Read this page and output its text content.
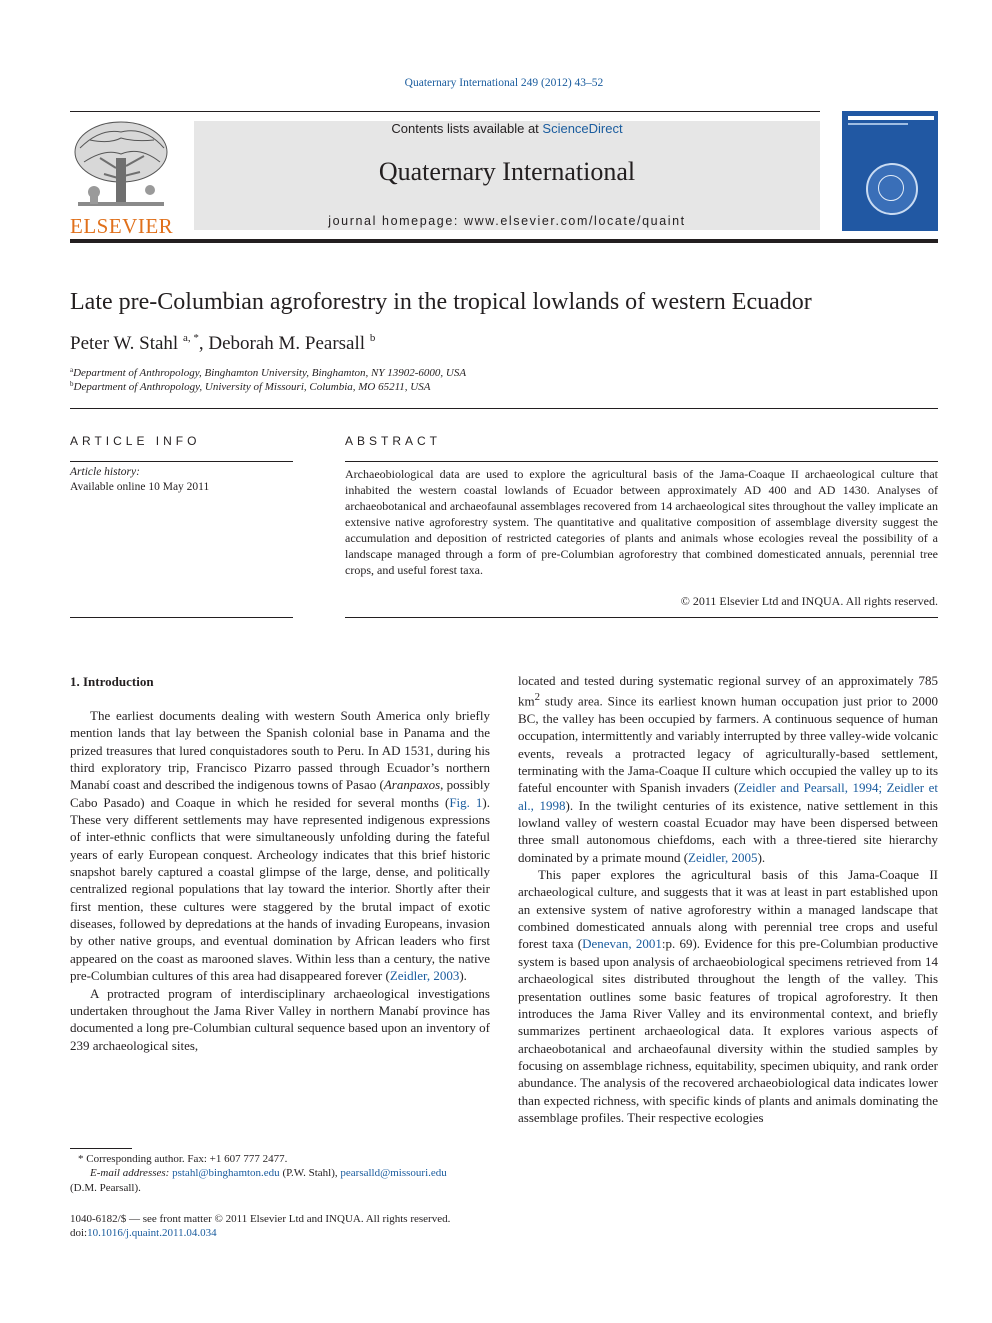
Quaternary International 249 (2012) 43–52
ELSEVIER
Contents lists available at ScienceDirect
Quaternary International
journal homepage: www.elsevier.com/locate/quaint
Late pre-Columbian agroforestry in the tropical lowlands of western Ecuador
Peter W. Stahl $^{a, *}$, Deborah M. Pearsall $^b$
$^a$Department of Anthropology, Binghamton University, Binghamton, NY 13902-6000, USA
$^b$Department of Anthropology, University of Missouri, Columbia, MO 65211, USA
ARTICLE INFO	ABSTRACT
Article history:
Available online 10 May 2011
Archaeobiological data are used to explore the agricultural basis of the Jama-Coaque II archaeological culture that inhabited the western coastal lowlands of Ecuador between approximately AD 400 and AD 1430. Analyses of archaeobotanical and archaeofaunal assemblages recovered from 14 archaeological sites throughout the valley implicate an extensive native agroforestry system. The quantitative and qualitative composition of assemblage diversity suggest the accumulation and deposition of restricted categories of plants and animals whose ecologies reveal the possibility of a landscape managed through a form of pre-Columbian agroforestry that combined domesticated annuals, perennial tree crops, and useful forest taxa.
© 2011 Elsevier Ltd and INQUA. All rights reserved.
1. Introduction

The earliest documents dealing with western South America only briefly mention lands that lay between the Spanish colonial base in Panama and the prized treasures that lured conquistadores south to Peru. In AD 1531, during his third exploratory trip, Francisco Pizarro passed through Ecuador’s northern Manabí coast and described the indigenous towns of Pasao (Aranpaxos, possibly Cabo Pasado) and Coaque in which he resided for several months (Fig. 1). These very different settlements may have represented indigenous expressions of inter-ethnic conflicts that were simultaneously unfolding during the fateful years of early European conquest. Archeology indicates that this brief historic snapshot barely captured a coastal glimpse of the large, dense, and politically centralized regional populations that lay toward the interior. Shortly after their first mention, these cultures were staggered by the brutal impact of exotic diseases, followed by depredations at the hands of invading Europeans, invasion by other native groups, and eventual domination by African leaders who first appeared on the coast as marooned slaves. Within less than a century, the native pre-Columbian cultures of this area had disappeared forever (Zeidler, 2003).

A protracted program of interdisciplinary archaeological investigations undertaken throughout the Jama River Valley in northern Manabí province has documented a long pre-Columbian cultural sequence based upon an inventory of 239 archaeological sites,

located and tested during systematic regional survey of an approximately 785 $km^2$ study area. Since its earliest known human occupation just prior to 2000 BC, the valley has been occupied by farmers. A continuous sequence of human occupation, intermittently and variably interrupted by three valley-wide volcanic events, reveals a protracted legacy of agriculturally-based settlement, terminating with the Jama-Coaque II culture which occupied the valley up to its fateful encounter with Spanish invaders (Zeidler and Pearsall, 1994; Zeidler et al., 1998). In the twilight centuries of its existence, native settlement in this lowland valley of western coastal Ecuador may have been dispersed between three small autonomous chiefdoms, each with a three-tiered site hierarchy dominated by a primate mound (Zeidler, 2005).

This paper explores the agricultural basis of this Jama-Coaque II archaeological culture, and suggests that it was at least in part established upon an extensive system of native agroforestry within a managed landscape that combined domesticated annuals along with perennial tree crops and useful forest taxa (Denevan, 2001:p. 69). Evidence for this pre-Columbian productive system is based upon analysis of archaeobiological specimens retrieved from 14 archaeological sites distributed throughout the length of the valley. This presentation outlines some basic features of tropical agroforestry. It then introduces the Jama River Valley and its environmental context, and briefly summarizes pertinent archaeological data. It explores various aspects of archaeobotanical and archaeofaunal diversity within the studied samples by focusing on assemblage richness, equitability, specimen ubiquity, and rank order abundance. The analysis of the recovered archaeobiological data indicates lower than expected richness, with specific kinds of plants and animals dominating the assemblage profiles. Their respective ecologies

* Corresponding author. Fax: +1 607 777 2477.
E-mail addresses: pstahl@binghamton.edu (P.W. Stahl), pearsalld@missouri.edu
(D.M. Pearsall).
1040-6182/$ — see front matter © 2011 Elsevier Ltd and INQUA. All rights reserved.
doi:10.1016/j.quaint.2011.04.034
